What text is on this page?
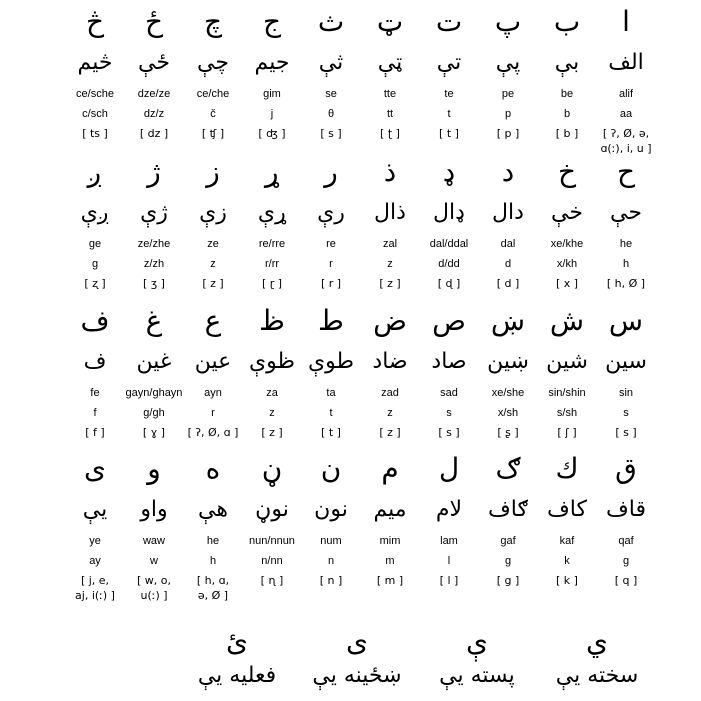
ا
الف
alif
aa
[ ʔ, Ø, ə,
ɑ(ː), i, u ]
ب
بې
be
b
[ b ]
پ
پې
pe
p
[ p ]
ت
تې
te
t
[ t ]
ټ
ټې
tte
tt
[ ʈ ]
ث
ثې
se
θ
[ s ]
ج
جيم
gim
j
[ ʤ ]
چ
چې
ce/che
č
[ ʧ ]
ځ
ځې
dze/ze
dz/z
[ dz ]
څ
څيم
ce/sche
c/sch
[ ts ]
ح
حې
he
h
[ h, Ø ]
خ
خې
xe/khe
x/kh
[ x ]
د
دال
dal
d
[ d ]
ډ
ډال
dal/ddal
d/dd
[ ɖ ]
ذ
ذال
zal
z
[ z ]
ر
رې
re
r
[ r ]
ړ
ړې
re/rre
r/rr
[ ɽ ]
ز
زې
ze
z
[ z ]
ژ
ژې
ze/zhe
z/zh
[ ʒ ]
ږ
ږې
ge
g
[ ʐ ]
س
سين
sin
s
[ s ]
ش
شين
sin/shin
s/sh
[ ʃ ]
ښ
ښين
xe/she
x/sh
[ ʂ ]
ص
صاد
sad
s
[ s ]
ض
ضاد
zad
z
[ z ]
ط
طوې
ta
t
[ t ]
ظ
ظوې
za
z
[ z ]
ع
عين
ayn
r
[ ʔ, Ø, ɑ ]
غ
غين
gayn/ghayn
g/gh
[ ɣ ]
ف
ف
fe
f
[ f ]
ق
قاف
qaf
g
[ q ]
ك
كاف
kaf
k
[ k ]
ګ
ګاف
gaf
g
[ g ]
ل
لام
lam
l
[ l ]
م
ميم
mim
m
[ m ]
ن
نون
num
n
[ n ]
ڼ
نوڼ
nun/nnun
n/nn
[ ɳ ]
ه
هې
he
h
[ h, ɑ,
ə, Ø ]
و
واو
waw
w
[ w, o,
u(ː) ]
ى
يې
ye
ay
[ j, e,
aj, i(ː) ]
ي
سخته يې
ې
پسته يې
ى
ښځينه يې
ئ
فعليه يې
